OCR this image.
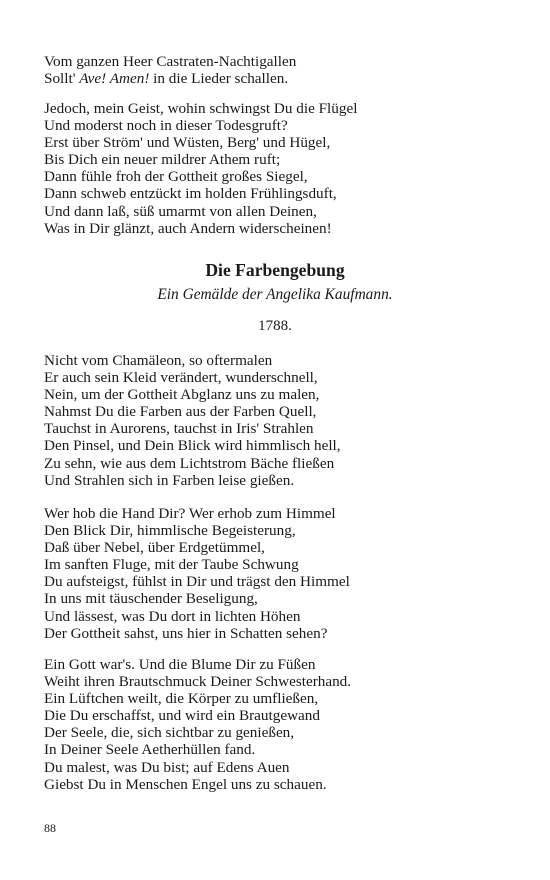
Vom ganzen Heer Castraten-Nachtigallen
Sollt' Ave! Amen! in die Lieder schallen.
Jedoch, mein Geist, wohin schwingst Du die Flügel
Und moderst noch in dieser Todesgruft?
Erst über Ström' und Wüsten, Berg' und Hügel,
Bis Dich ein neuer mildrer Athem ruft;
Dann fühle froh der Gottheit großes Siegel,
Dann schweb entzückt im holden Frühlingsduft,
Und dann laß, süß umarmt von allen Deinen,
Was in Dir glänzt, auch Andern widerscheinen!
Die Farbengebung
Ein Gemälde der Angelika Kaufmann.
1788.
Nicht vom Chamäleon, so oftermalen
Er auch sein Kleid verändert, wunderschnell,
Nein, um der Gottheit Abglanz uns zu malen,
Nahmst Du die Farben aus der Farben Quell,
Tauchst in Aurorens, tauchst in Iris' Strahlen
Den Pinsel, und Dein Blick wird himmlisch hell,
Zu sehn, wie aus dem Lichtstrom Bäche fließen
Und Strahlen sich in Farben leise gießen.
Wer hob die Hand Dir? Wer erhob zum Himmel
Den Blick Dir, himmlische Begeisterung,
Daß über Nebel, über Erdgetümmel,
Im sanften Fluge, mit der Taube Schwung
Du aufsteigst, fühlst in Dir und trägst den Himmel
In uns mit täuschender Beseligung,
Und lässest, was Du dort in lichten Höhen
Der Gottheit sahst, uns hier in Schatten sehen?
Ein Gott war's. Und die Blume Dir zu Füßen
Weiht ihren Brautschmuck Deiner Schwesterhand.
Ein Lüftchen weilt, die Körper zu umfließen,
Die Du erschaffst, und wird ein Brautgewand
Der Seele, die, sich sichtbar zu genießen,
In Deiner Seele Aetherhüllen fand.
Du malest, was Du bist; auf Edens Auen
Giebst Du in Menschen Engel uns zu schauen.
88
